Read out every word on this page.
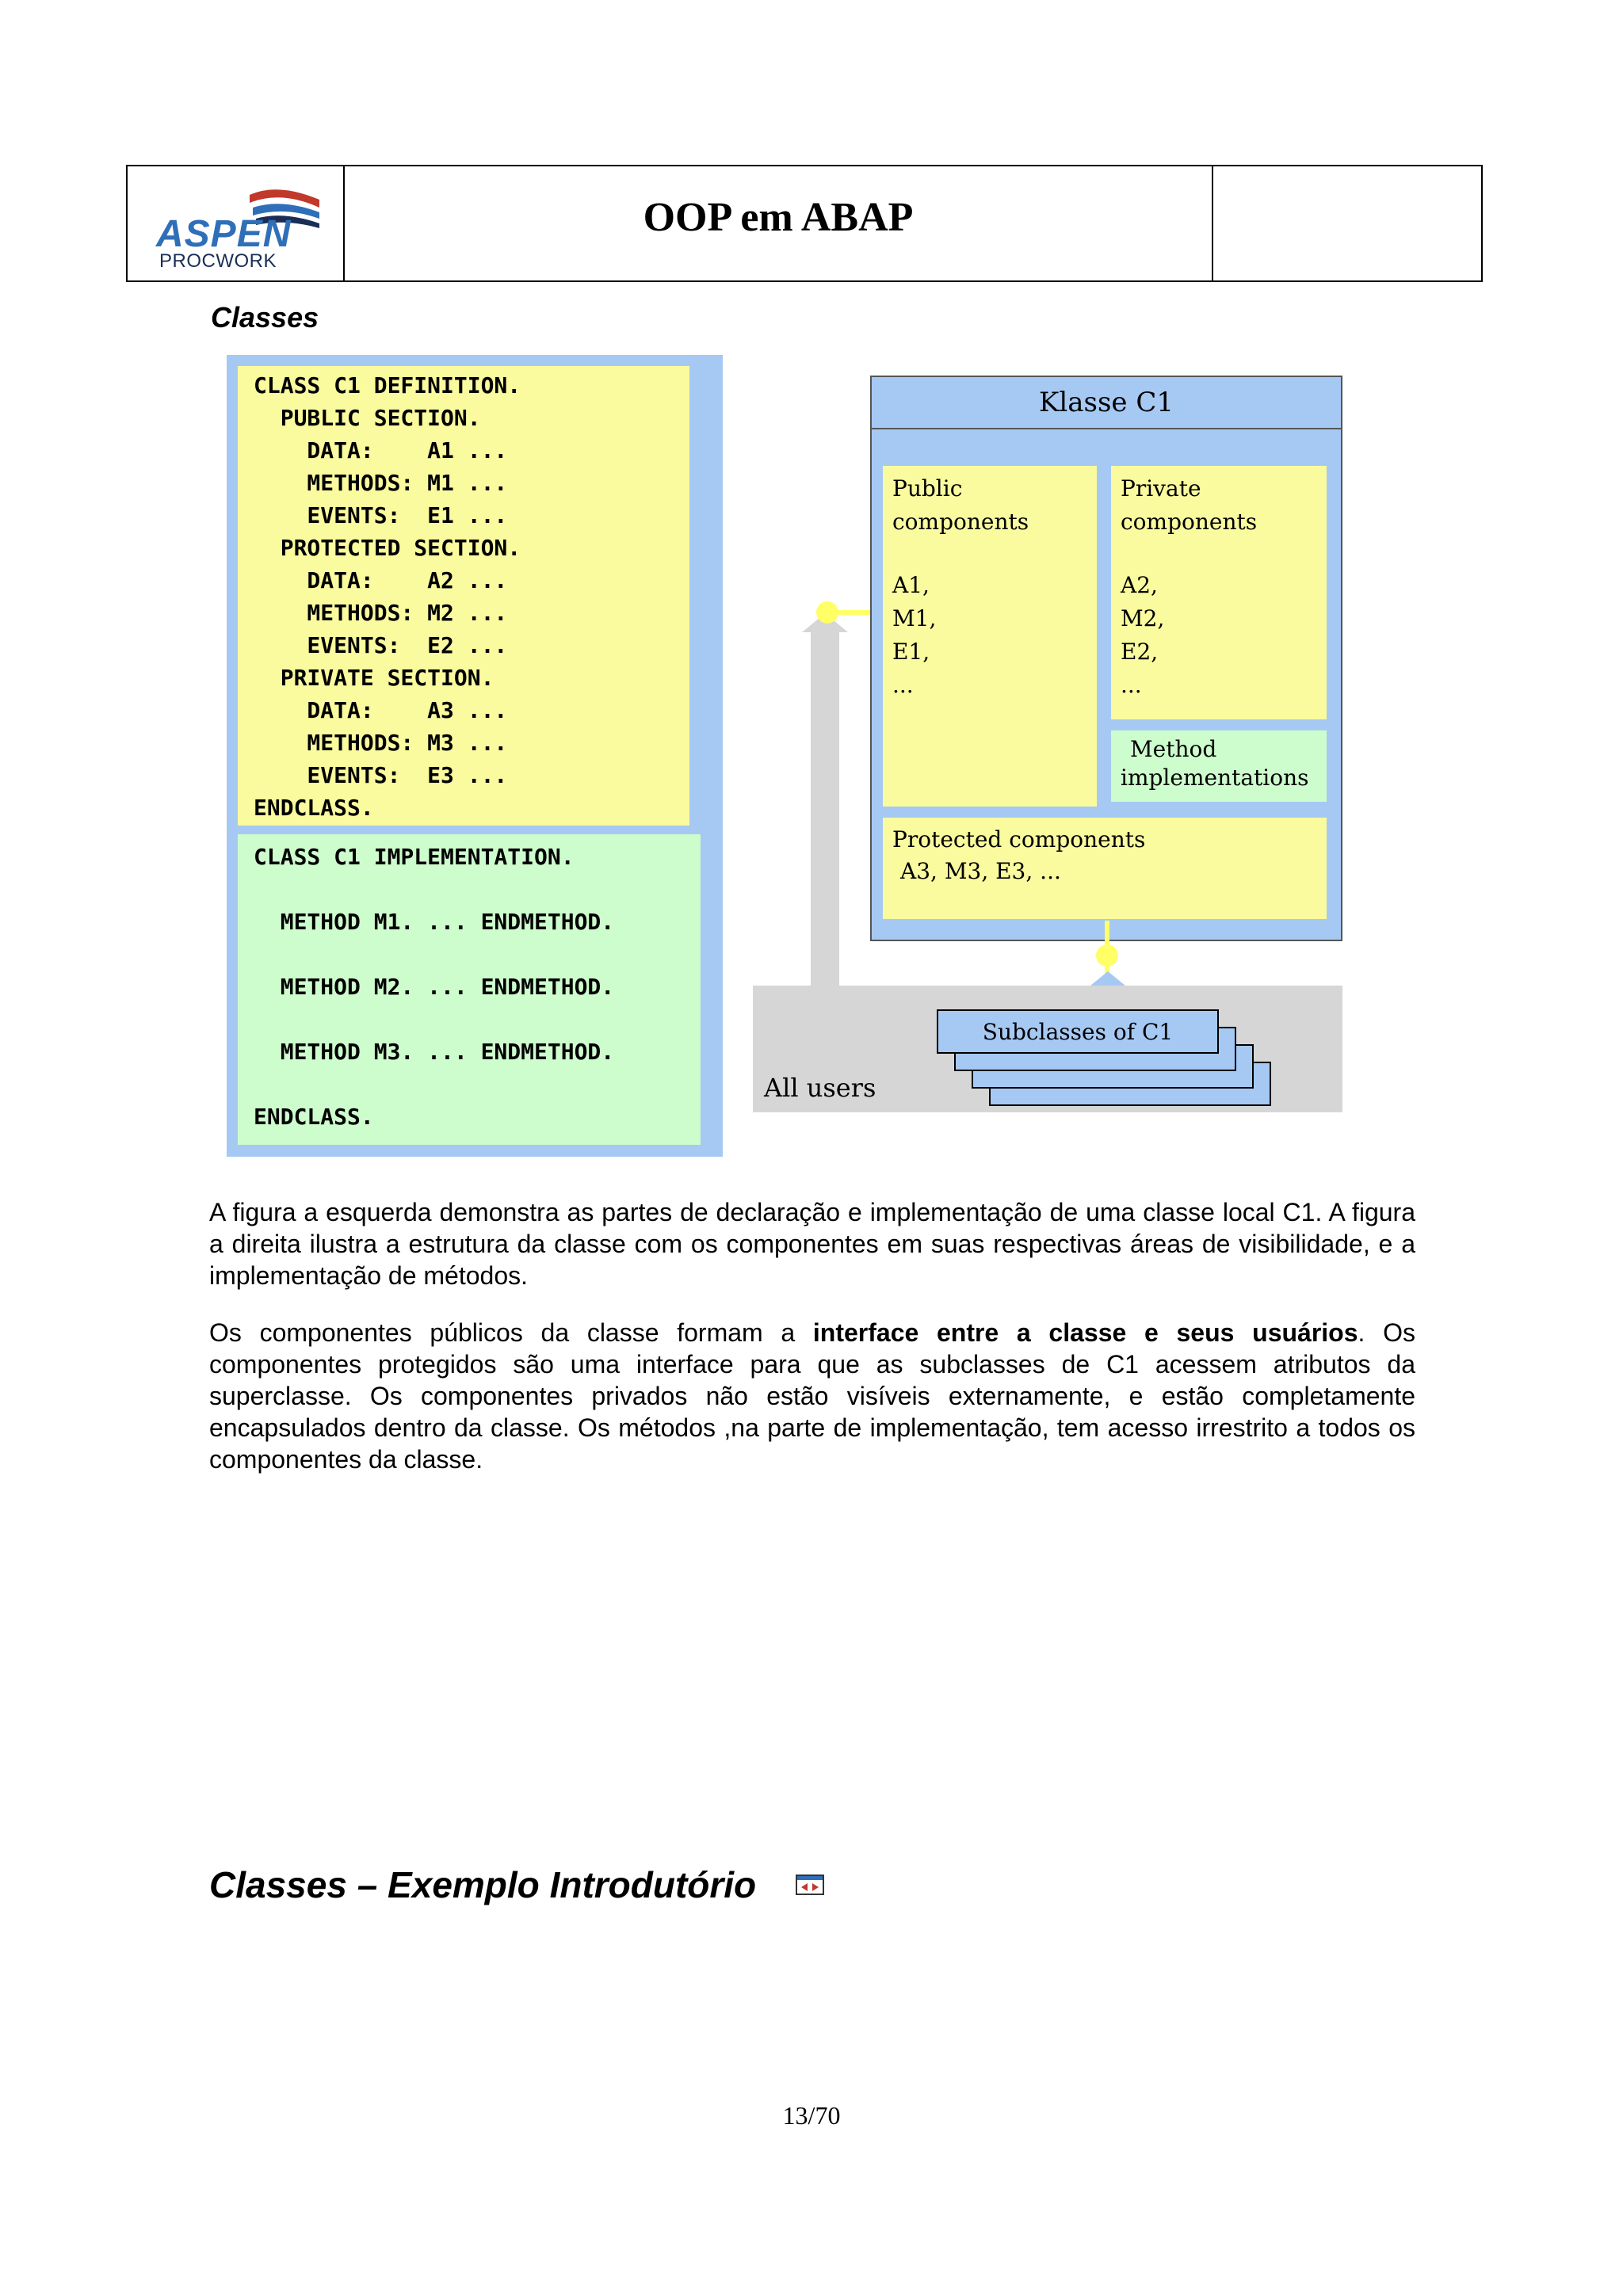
ASPEN
PROCWORK
OOP em ABAP
Classes
CLASS C1 DEFINITION.
PUBLIC SECTION.
DATA:    A1 ...
METHODS: M1 ...
EVENTS:  E1 ...
PROTECTED SECTION.
DATA:    A2 ...
METHODS: M2 ...
EVENTS:  E2 ...
PRIVATE SECTION.
DATA:    A3 ...
METHODS: M3 ...
EVENTS:  E3 ...
ENDCLASS.
CLASS C1 IMPLEMENTATION.

METHOD M1. ... ENDMETHOD.

METHOD M2. ... ENDMETHOD.

METHOD M3. ... ENDMETHOD.

ENDCLASS.
All users
Klasse C1
Public
components
A1,
M1,
E1,
...
Private
components
A2,
M2,
E2,
...
Method
implementations
Protected components
A3, M3, E3, ...
Subclasses of C1
A figura a esquerda demonstra as partes de declaração e implementação de uma classe local C1. A figura a direita ilustra a estrutura da classe com os componentes em suas respectivas áreas de visibilidade, e a implementação de métodos.
Os componentes públicos da classe formam a interface entre a classe e seus usuários. Os componentes protegidos são uma interface para que as subclasses de C1 acessem atributos da superclasse. Os componentes privados não estão visíveis externamente, e estão completamente encapsulados dentro da classe. Os métodos ,na parte de implementação, tem acesso irrestrito a todos os componentes da classe.
Classes – Exemplo Introdutório
13/70
